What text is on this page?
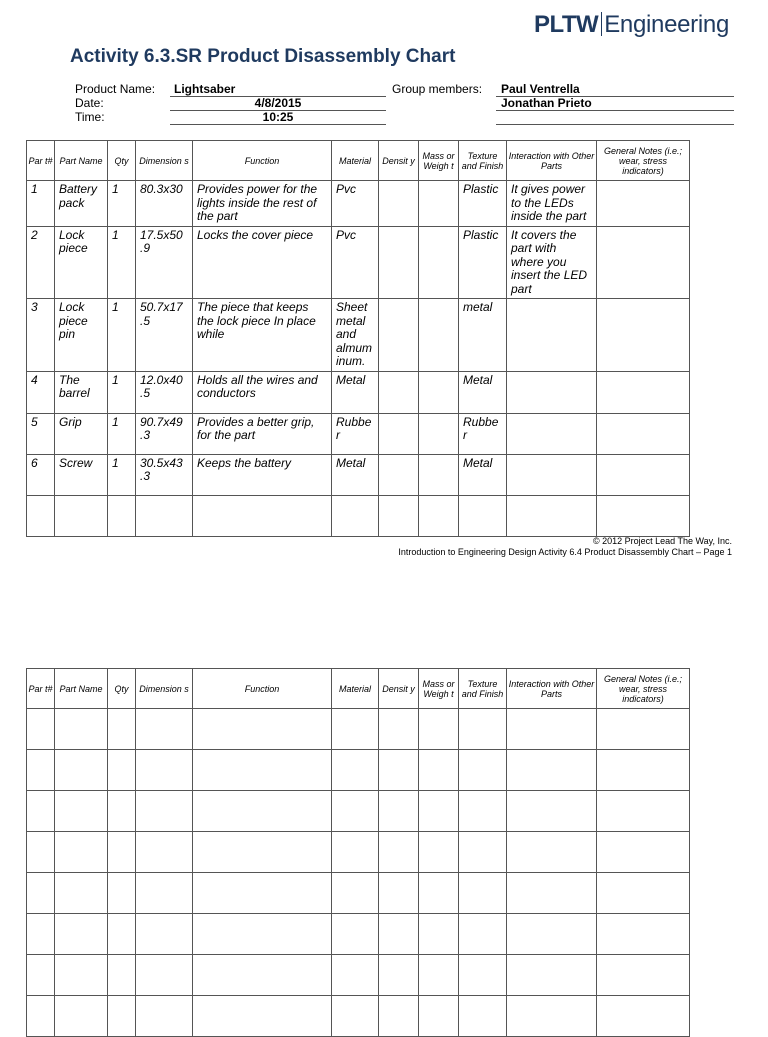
PLTW Engineering
Activity 6.3.SR Product Disassembly Chart
Product Name: Lightsaber
Date:	4/8/2015
Time:	10:25
Group members: Paul Ventrella
Jonathan Prieto
Par t#	Part Name	Qty	Dimension s	Function	Material	Densit y	Mass or Weigh t	Texture and Finish	Interaction with Other Parts	General Notes (i.e.; wear, stress indicators)
1	Battery pack	1	80.3x30	Provides power for the lights inside the rest of the part	Pvc			Plastic	It gives power to the LEDs inside the part	
2	Lock piece	1	17.5x50 .9	Locks the cover piece	Pvc			Plastic	It covers the part with where you insert the LED part	
3	Lock piece pin	1	50.7x17 .5	The piece that keeps the lock piece In place while	Sheet metal and almum inum.			metal		
4	The barrel	1	12.0x40 .5	Holds all the wires and conductors	Metal			Metal		
5	Grip	1	90.7x49 .3	Provides a better grip, for the part	Rubbe r			Rubbe r		
6	Screw	1	30.5x43 .3	Keeps the battery	Metal			Metal		

© 2012 Project Lead The Way, Inc.
Introduction to Engineering Design Activity 6.4 Product Disassembly Chart – Page 1
Par t#	Part Name	Qty	Dimension s	Function	Material	Densit y	Mass or Weigh t	Texture and Finish	Interaction with Other Parts	General Notes (i.e.; wear, stress indicators)
